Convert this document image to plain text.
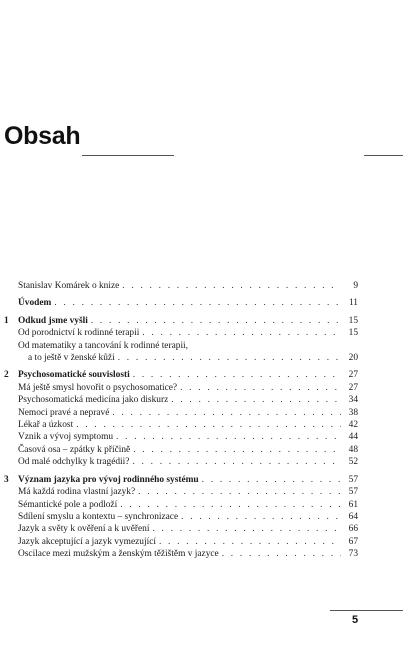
Obsah
Stanislav Komárek o knize . . .	9
Úvodem . . .	11
1 Odkud jsme vyšli . . .	15
Od porodnictví k rodinné terapii . . .	15
Od matematiky a tancování k rodinné terapii,
a to ještě v ženské kůži . . .	20
2 Psychosomatické souvislosti . . .	27
Má ještě smysl hovořit o psychosomatice? . . .	27
Psychosomatická medicína jako diskurz . . .	34
Nemoci pravé a nepravé . . .	38
Lékař a úzkost . . .	42
Vznik a vývoj symptomu . . .	44
Časová osa – zpátky k příčině . . .	48
Od malé odchylky k tragédii? . . .	52
3 Význam jazyka pro vývoj rodinného systému . . .	57
Má každá rodina vlastní jazyk? . . .	57
Sémantické pole a podloží . . .	61
Sdílení smyslu a kontextu – synchronizace . . .	64
Jazyk a světy k ověření a k uvěření . . .	66
Jazyk akceptující a jazyk vymezující . . .	67
Oscilace mezi mužským a ženským těžištěm v jazyce . . .	73
5
